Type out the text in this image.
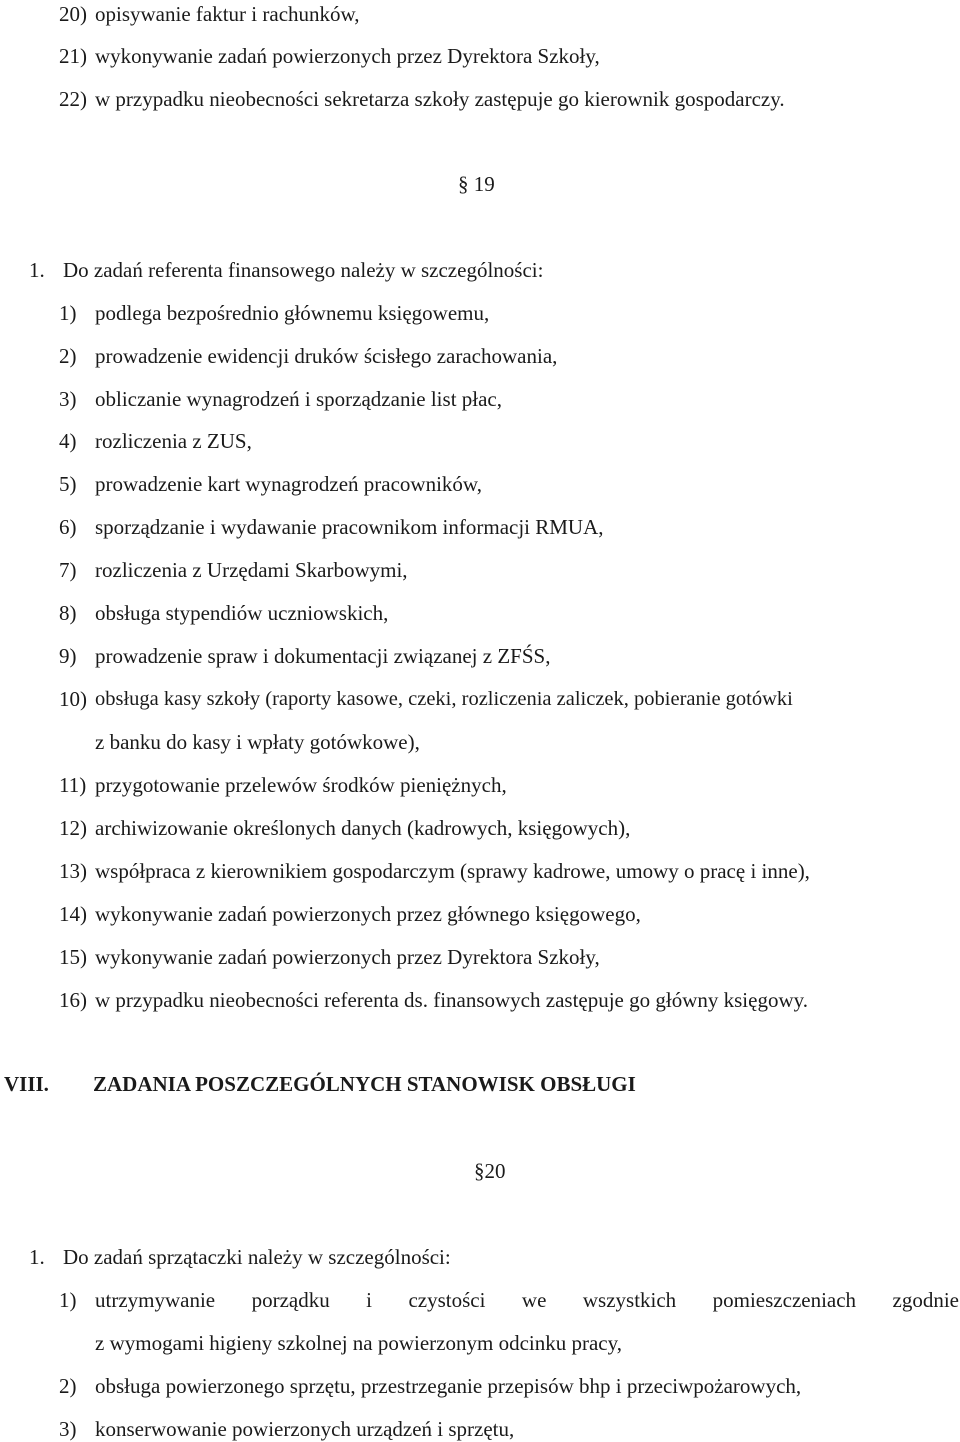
20) opisywanie faktur i rachunków,
21) wykonywanie zadań powierzonych przez Dyrektora Szkoły,
22) w przypadku nieobecności sekretarza szkoły zastępuje go kierownik gospodarczy.
§ 19
1. Do zadań referenta finansowego należy w szczególności:
1) podlega bezpośrednio głównemu księgowemu,
2) prowadzenie ewidencji druków ścisłego zarachowania,
3) obliczanie wynagrodzeń i sporządzanie list płac,
4) rozliczenia z ZUS,
5) prowadzenie kart wynagrodzeń pracowników,
6) sporządzanie i wydawanie pracownikom informacji RMUA,
7) rozliczenia z Urzędami Skarbowymi,
8) obsługa stypendiów uczniowskich,
9) prowadzenie spraw i dokumentacji związanej z ZFŚS,
10) obsługa kasy szkoły (raporty kasowe, czeki, rozliczenia zaliczek, pobieranie gotówki
z banku do kasy i wpłaty gotówkowe),
11) przygotowanie przelewów środków pieniężnych,
12) archiwizowanie określonych danych (kadrowych, księgowych),
13) współpraca z kierownikiem gospodarczym (sprawy kadrowe, umowy o pracę i inne),
14) wykonywanie zadań powierzonych przez głównego księgowego,
15) wykonywanie zadań powierzonych przez Dyrektora Szkoły,
16) w przypadku nieobecności referenta ds. finansowych zastępuje go główny księgowy.
VIII. ZADANIA POSZCZEGÓLNYCH STANOWISK OBSŁUGI
§20
1. Do zadań sprzątaczki należy w szczególności:
1) utrzymywanie porządku i czystości we wszystkich pomieszczeniach zgodnie
z wymogami higieny szkolnej na powierzonym odcinku pracy,
2) obsługa powierzonego sprzętu, przestrzeganie przepisów bhp i przeciwpożarowych,
3) konserwowanie powierzonych urządzeń i sprzętu,
